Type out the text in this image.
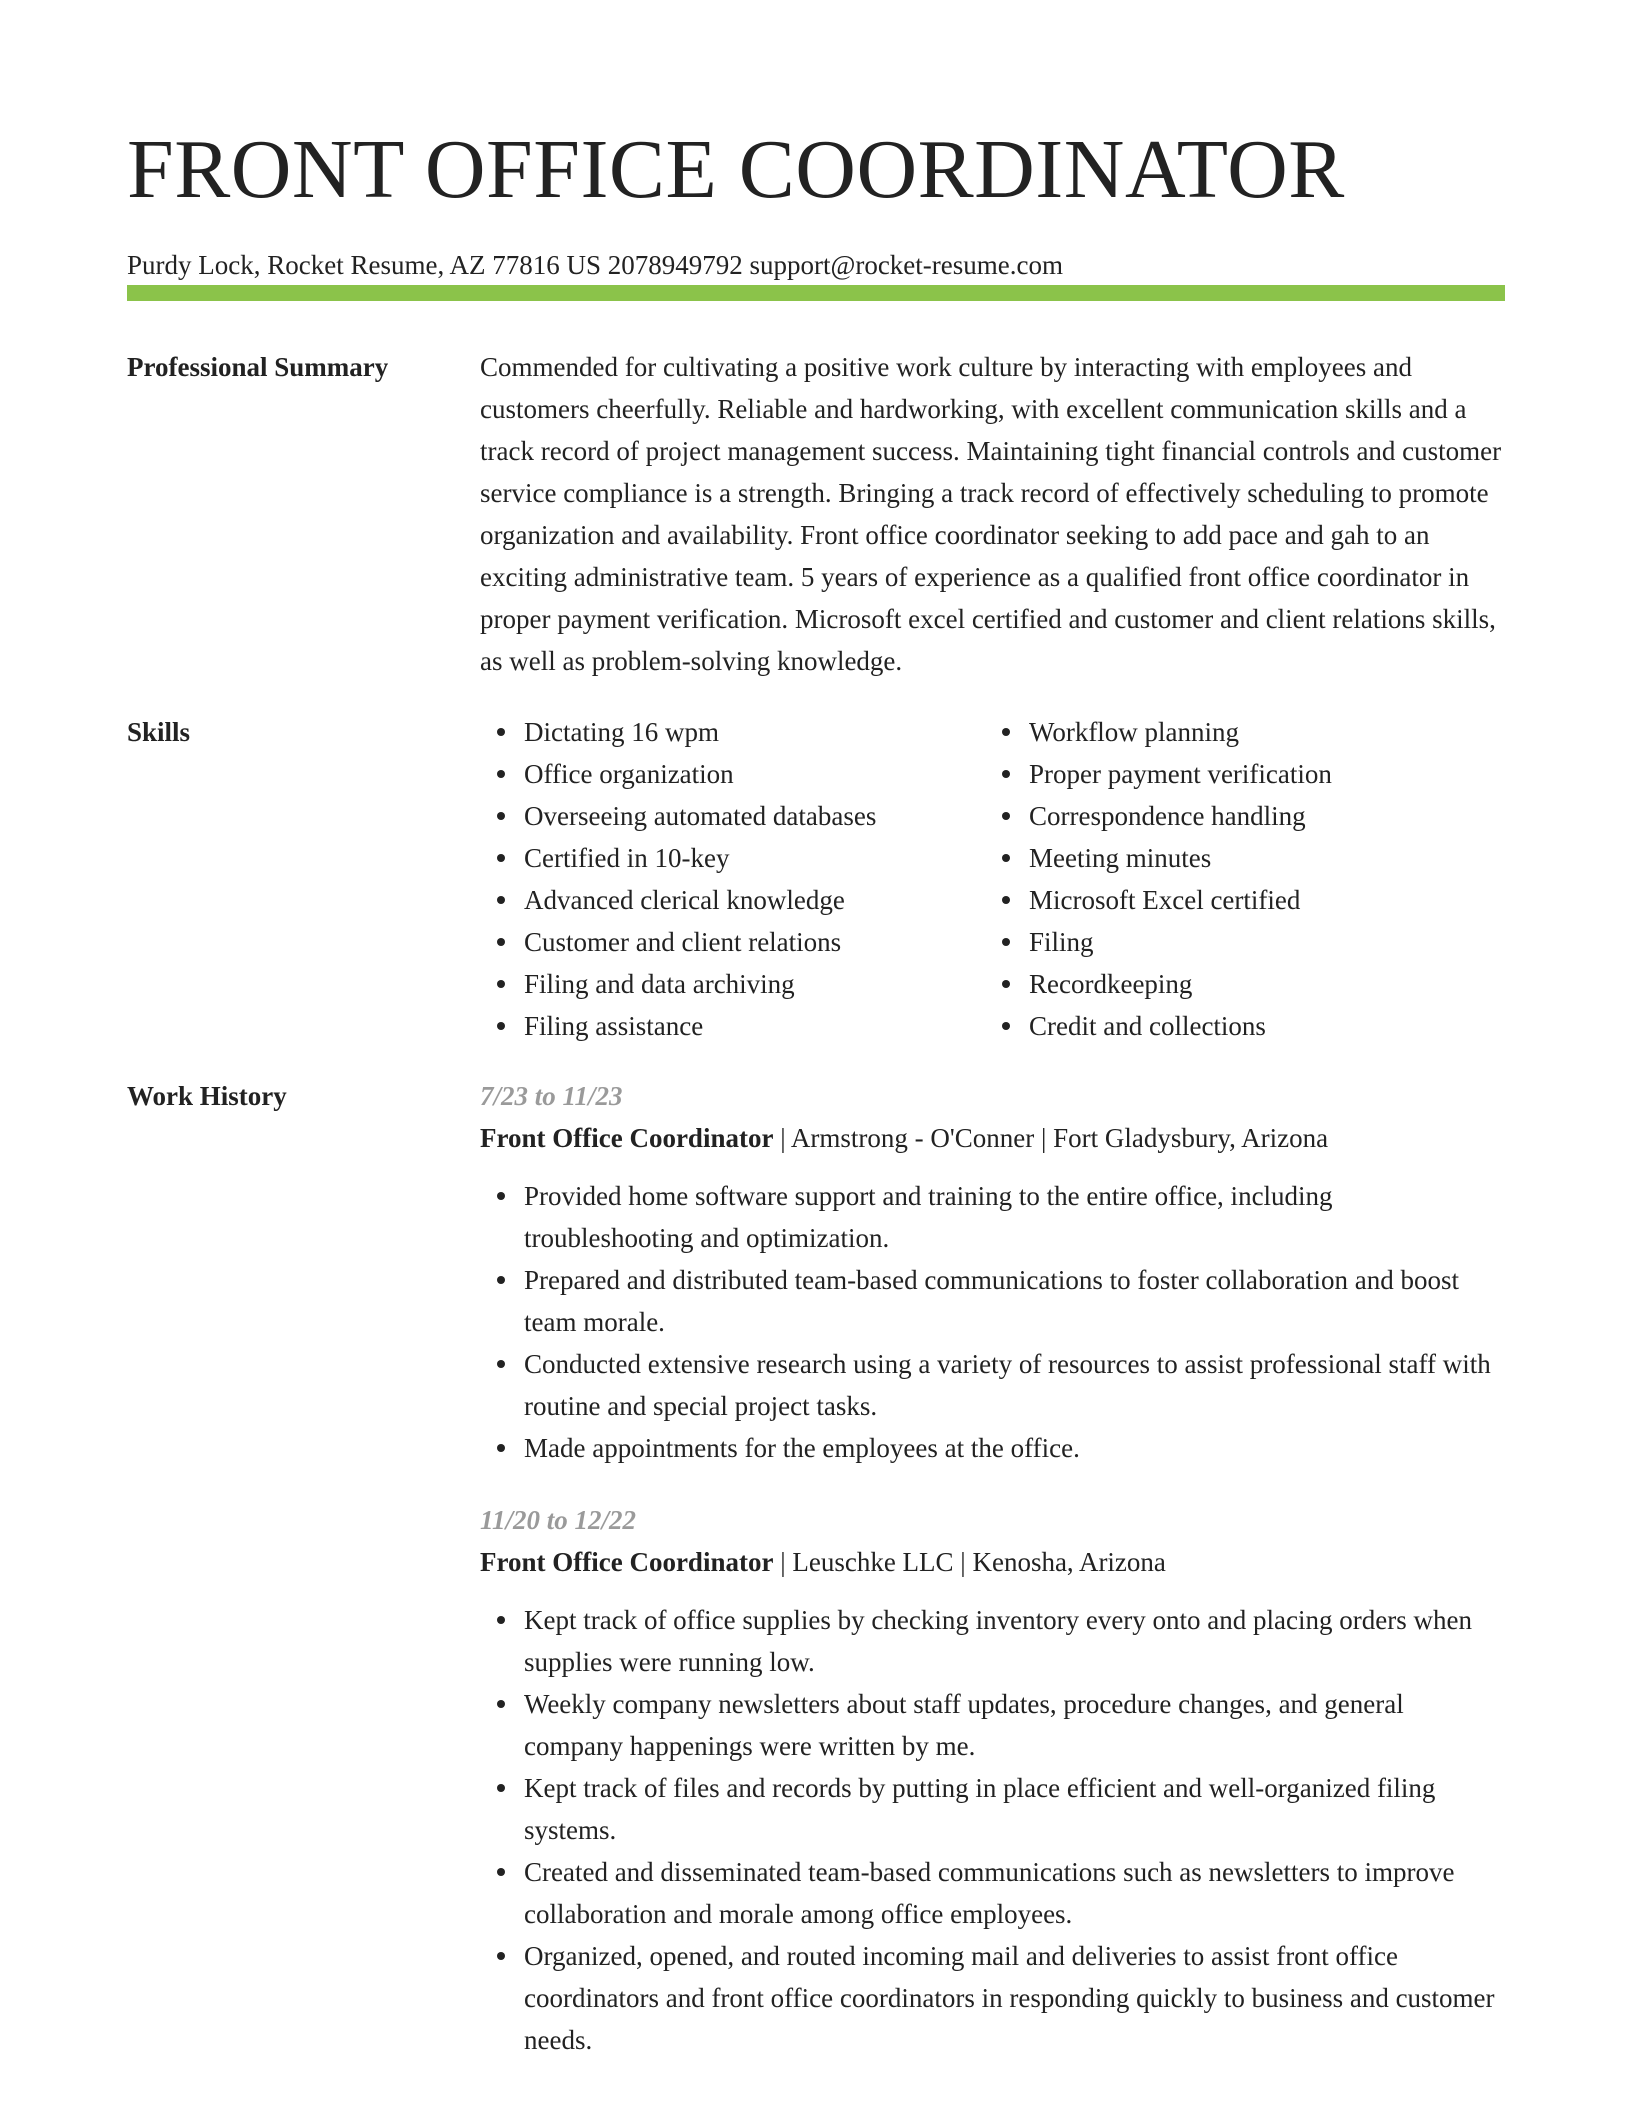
FRONT OFFICE COORDINATOR
Purdy Lock, Rocket Resume, AZ 77816 US 2078949792 support@rocket-resume.com
Professional Summary	Commended for cultivating a positive work culture by interacting with employees and customers cheerfully. Reliable and hardworking, with excellent communication skills and a track record of project management success. Maintaining tight financial controls and customer service compliance is a strength. Bringing a track record of effectively scheduling to promote organization and availability. Front office coordinator seeking to add pace and gah to an exciting administrative team. 5 years of experience as a qualified front office coordinator in proper payment verification. Microsoft excel certified and customer and client relations skills, as well as problem-solving knowledge.

Skills	Dictating 16 wpm
Office organization
Overseeing automated databases
Certified in 10-key
Advanced clerical knowledge
Customer and client relations
Filing and data archiving
Filing assistance
Workflow planning
Proper payment verification
Correspondence handling
Meeting minutes
Microsoft Excel certified
Filing
Recordkeeping
Credit and collections
Work History	7/23 to 11/23
Front Office Coordinator | Armstrong - O'Conner | Fort Gladysbury, Arizona
Provided home software support and training to the entire office, including troubleshooting and optimization.
Prepared and distributed team-based communications to foster collaboration and boost team morale.
Conducted extensive research using a variety of resources to assist professional staff with routine and special project tasks.
Made appointments for the employees at the office.
11/20 to 12/22
Front Office Coordinator | Leuschke LLC | Kenosha, Arizona
Kept track of office supplies by checking inventory every onto and placing orders when supplies were running low.
Weekly company newsletters about staff updates, procedure changes, and general company happenings were written by me.
Kept track of files and records by putting in place efficient and well-organized filing systems.
Created and disseminated team-based communications such as newsletters to improve collaboration and morale among office employees.
Organized, opened, and routed incoming mail and deliveries to assist front office coordinators and front office coordinators in responding quickly to business and customer needs.
